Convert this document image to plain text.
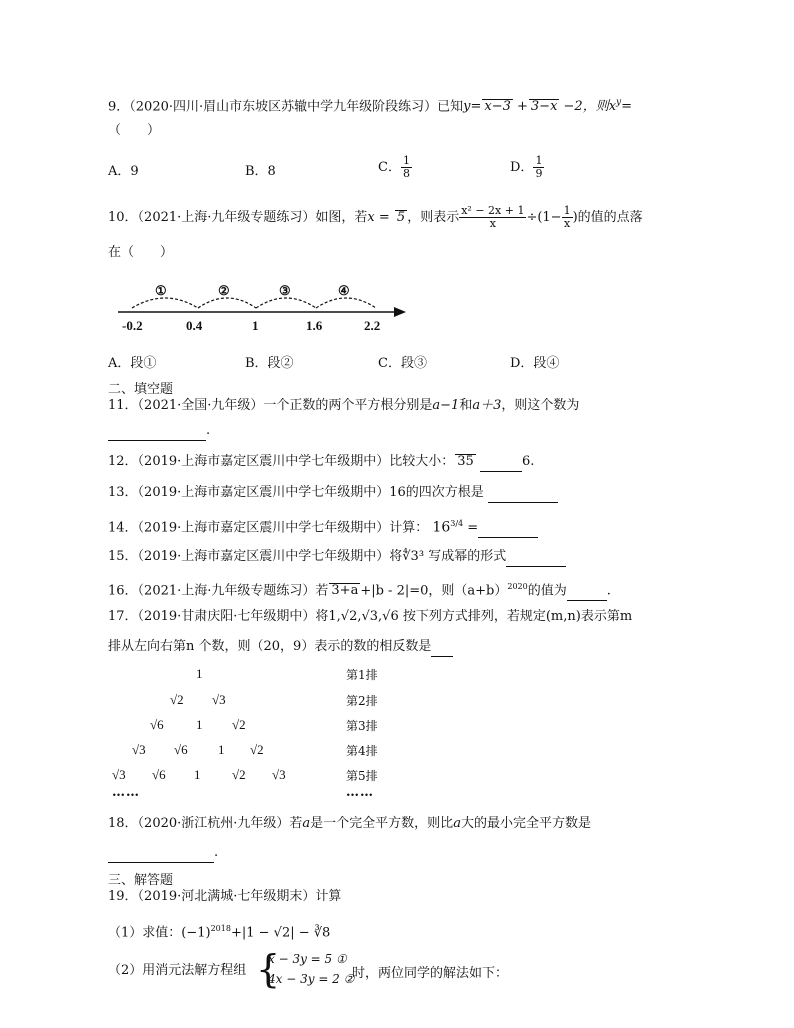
9．（2020·四川·眉山市东坡区苏辙中学九年级阶段练习）已知y= x−3 + 3−x −2，则$x^y=$
（　　）
A．9	B．8	C． $\frac{1}{8}$	D． $\frac{1}{9}$
10．（2021·上海·九年级专题练习）如图，若x = 5 ，则表示 $\frac{\text{x² − 2x + 1}}{x} \div(1- \frac{1}{x}$ )的值的点落
在（　　）
①	②	③	④
-0.2	0.4	1	1.6	2.2
A．段①	B．段②	C．段③	D．段④
二、填空题
11．（2021·全国·九年级）一个正数的两个平方根分别是a−1和a＋3，则这个数为
.
12．（2019·上海市嘉定区震川中学七年级期中）比较大小： 35	6.
13．（2019·上海市嘉定区震川中学七年级期中）16的四次方根是
14．（2019·上海市嘉定区震川中学七年级期中）计算： $16^{3/4}$ =
15．（2019·上海市嘉定区震川中学七年级期中）将∜3³ 写成幂的形式
16．（2021·上海·九年级专题练习）若 3+a +|b - 2|=0，则$(a+b)^{2020}$的值为	.
17．（2019·甘肃庆阳·七年级期中）将1,√2,√3,√6 按下列方式排列，若规定(m,n)表示第m
排从左向右第n 个数，则（20，9）表示的数的相反数是
1	第1排
√2 √3	第2排
√6 1 √2	第3排
√3 √6 1 √2	第4排
√3 √6 1 √2 √3	第5排
……	……
18．（2020·浙江杭州·九年级）若a是一个完全平方数，则比a大的最小完全平方数是
.
三、解答题
19．（2019·河北满城·七年级期末）计算
（1）求值：$(-1)^{2018}+|1 - √2|$ − ∛8
（2）用消元法解方程组 {
x − 3y = 5 ①
4x − 3y = 2 ②
时，两位同学的解法如下：
